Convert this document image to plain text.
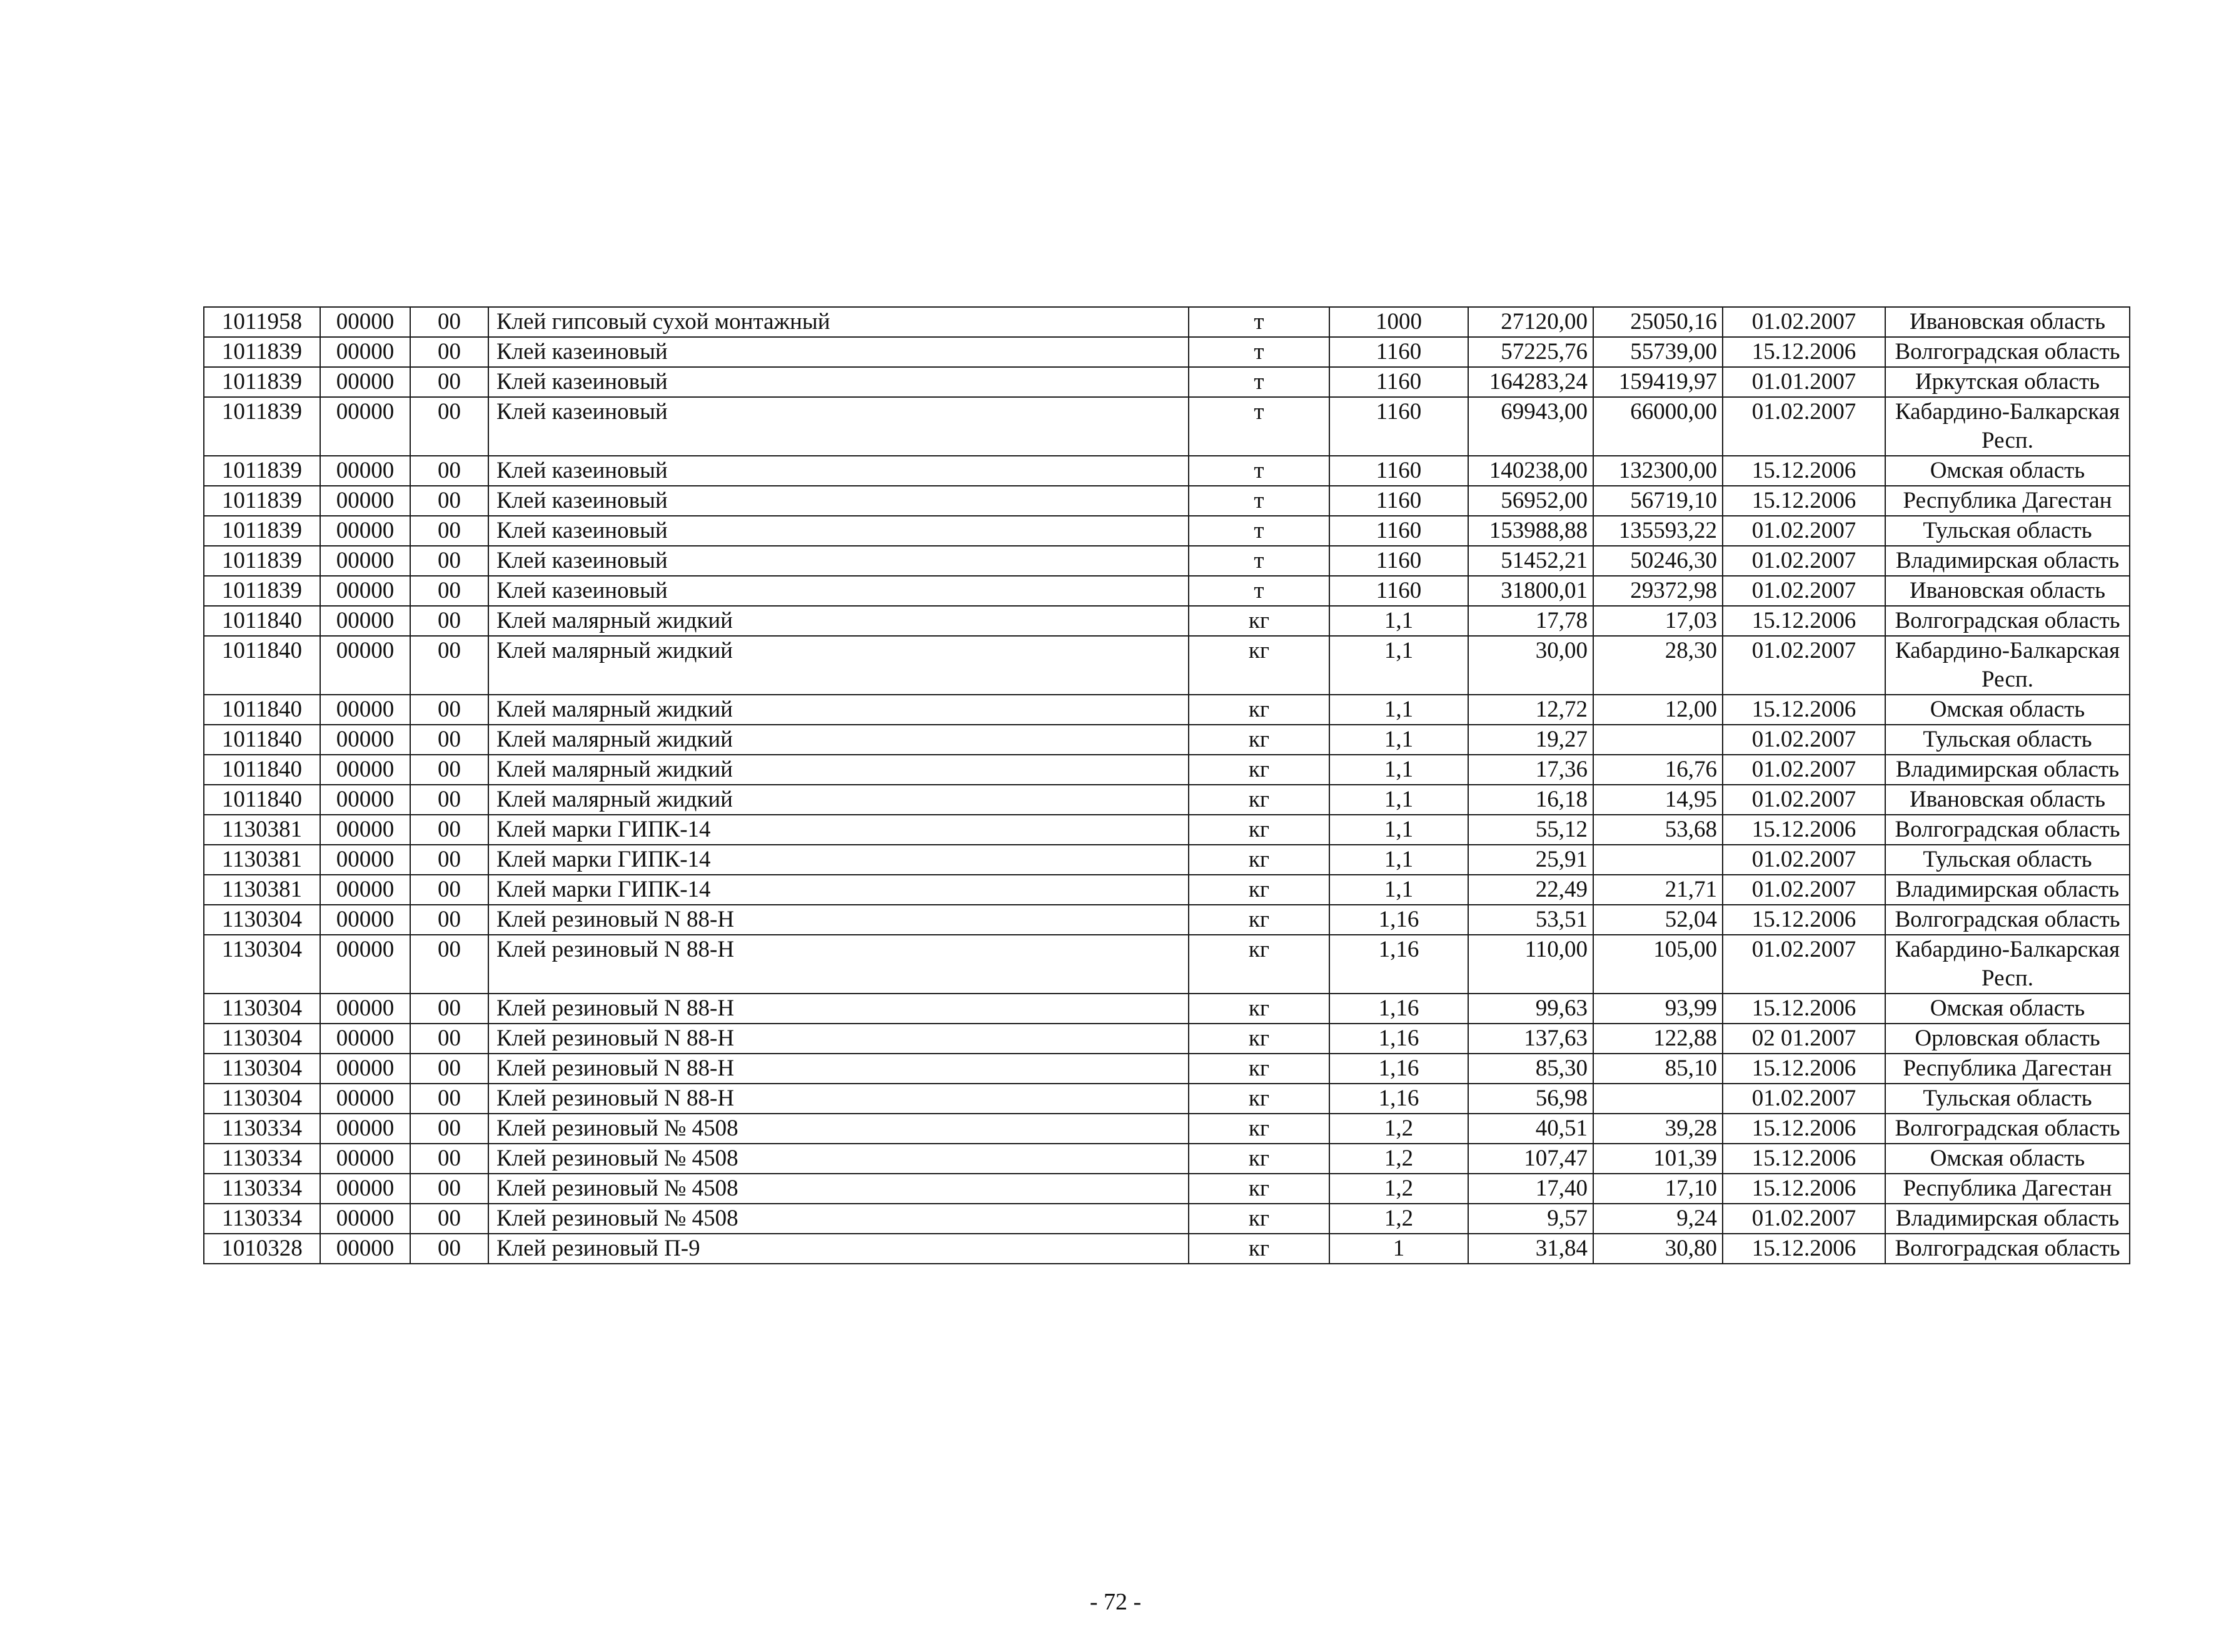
1011958	00000	00	Клей гипсовый сухой монтажный	т	1000	27120,00	25050,16	01.02.2007	Ивановская область
1011839	00000	00	Клей казеиновый	т	1160	57225,76	55739,00	15.12.2006	Волгоградская область
1011839	00000	00	Клей казеиновый	т	1160	164283,24	159419,97	01.01.2007	Иркутская область
1011839	00000	00	Клей казеиновый	т	1160	69943,00	66000,00	01.02.2007	Кабардино-Балкарская Респ.
1011839	00000	00	Клей казеиновый	т	1160	140238,00	132300,00	15.12.2006	Омская область
1011839	00000	00	Клей казеиновый	т	1160	56952,00	56719,10	15.12.2006	Республика Дагестан
1011839	00000	00	Клей казеиновый	т	1160	153988,88	135593,22	01.02.2007	Тульская область
1011839	00000	00	Клей казеиновый	т	1160	51452,21	50246,30	01.02.2007	Владимирская область
1011839	00000	00	Клей казеиновый	т	1160	31800,01	29372,98	01.02.2007	Ивановская область
1011840	00000	00	Клей малярный жидкий	кг	1,1	17,78	17,03	15.12.2006	Волгоградская область
1011840	00000	00	Клей малярный жидкий	кг	1,1	30,00	28,30	01.02.2007	Кабардино-Балкарская Респ.
1011840	00000	00	Клей малярный жидкий	кг	1,1	12,72	12,00	15.12.2006	Омская область
1011840	00000	00	Клей малярный жидкий	кг	1,1	19,27		01.02.2007	Тульская область
1011840	00000	00	Клей малярный жидкий	кг	1,1	17,36	16,76	01.02.2007	Владимирская область
1011840	00000	00	Клей малярный жидкий	кг	1,1	16,18	14,95	01.02.2007	Ивановская область
1130381	00000	00	Клей марки ГИПК-14	кг	1,1	55,12	53,68	15.12.2006	Волгоградская область
1130381	00000	00	Клей марки ГИПК-14	кг	1,1	25,91		01.02.2007	Тульская область
1130381	00000	00	Клей марки ГИПК-14	кг	1,1	22,49	21,71	01.02.2007	Владимирская область
1130304	00000	00	Клей резиновый N 88-Н	кг	1,16	53,51	52,04	15.12.2006	Волгоградская область
1130304	00000	00	Клей резиновый N 88-Н	кг	1,16	110,00	105,00	01.02.2007	Кабардино-Балкарская Респ.
1130304	00000	00	Клей резиновый N 88-Н	кг	1,16	99,63	93,99	15.12.2006	Омская область
1130304	00000	00	Клей резиновый N 88-Н	кг	1,16	137,63	122,88	02 01.2007	Орловская область
1130304	00000	00	Клей резиновый N 88-Н	кг	1,16	85,30	85,10	15.12.2006	Республика Дагестан
1130304	00000	00	Клей резиновый N 88-Н	кг	1,16	56,98		01.02.2007	Тульская область
1130334	00000	00	Клей резиновый № 4508	кг	1,2	40,51	39,28	15.12.2006	Волгоградская область
1130334	00000	00	Клей резиновый № 4508	кг	1,2	107,47	101,39	15.12.2006	Омская область
1130334	00000	00	Клей резиновый № 4508	кг	1,2	17,40	17,10	15.12.2006	Республика Дагестан
1130334	00000	00	Клей резиновый № 4508	кг	1,2	9,57	9,24	01.02.2007	Владимирская область
1010328	00000	00	Клей резиновый П-9	кг	1	31,84	30,80	15.12.2006	Волгоградская область
- 72 -
